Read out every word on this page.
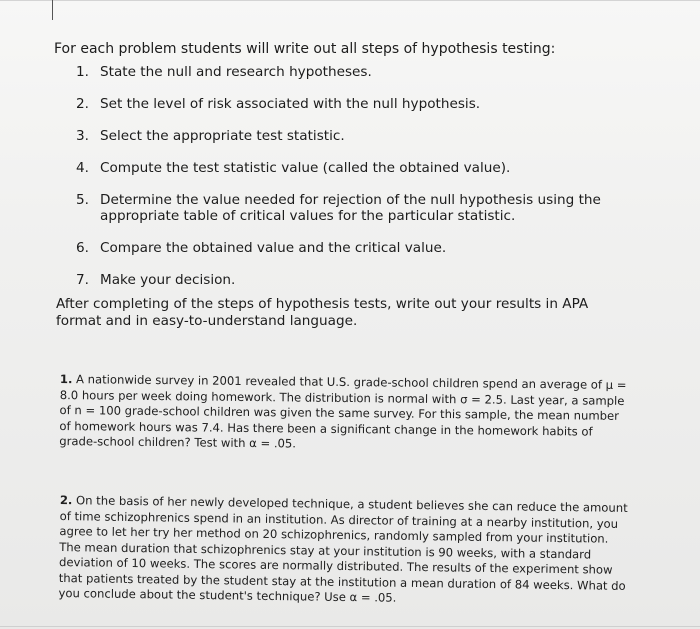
For each problem students will write out all steps of hypothesis testing:

1. State the null and research hypotheses.
2. Set the level of risk associated with the null hypothesis.
3. Select the appropriate test statistic.
4. Compute the test statistic value (called the obtained value).
5. Determine the value needed for rejection of the null hypothesis using the appropriate table of critical values for the particular statistic.
6. Compare the obtained value and the critical value.
7. Make your decision.

After completing of the steps of hypothesis tests, write out your results in APA format and in easy-to-understand language.

1. A nationwide survey in 2001 revealed that U.S. grade-school children spend an average of μ = 8.0 hours per week doing homework. The distribution is normal with σ = 2.5. Last year, a sample of n = 100 grade-school children was given the same survey. For this sample, the mean number of homework hours was 7.4. Has there been a significant change in the homework habits of grade-school children? Test with α = .05.

2. On the basis of her newly developed technique, a student believes she can reduce the amount of time schizophrenics spend in an institution. As director of training at a nearby institution, you agree to let her try her method on 20 schizophrenics, randomly sampled from your institution. The mean duration that schizophrenics stay at your institution is 90 weeks, with a standard deviation of 10 weeks. The scores are normally distributed. The results of the experiment show that patients treated by the student stay at the institution a mean duration of 84 weeks. What do you conclude about the student's technique? Use α = .05.
